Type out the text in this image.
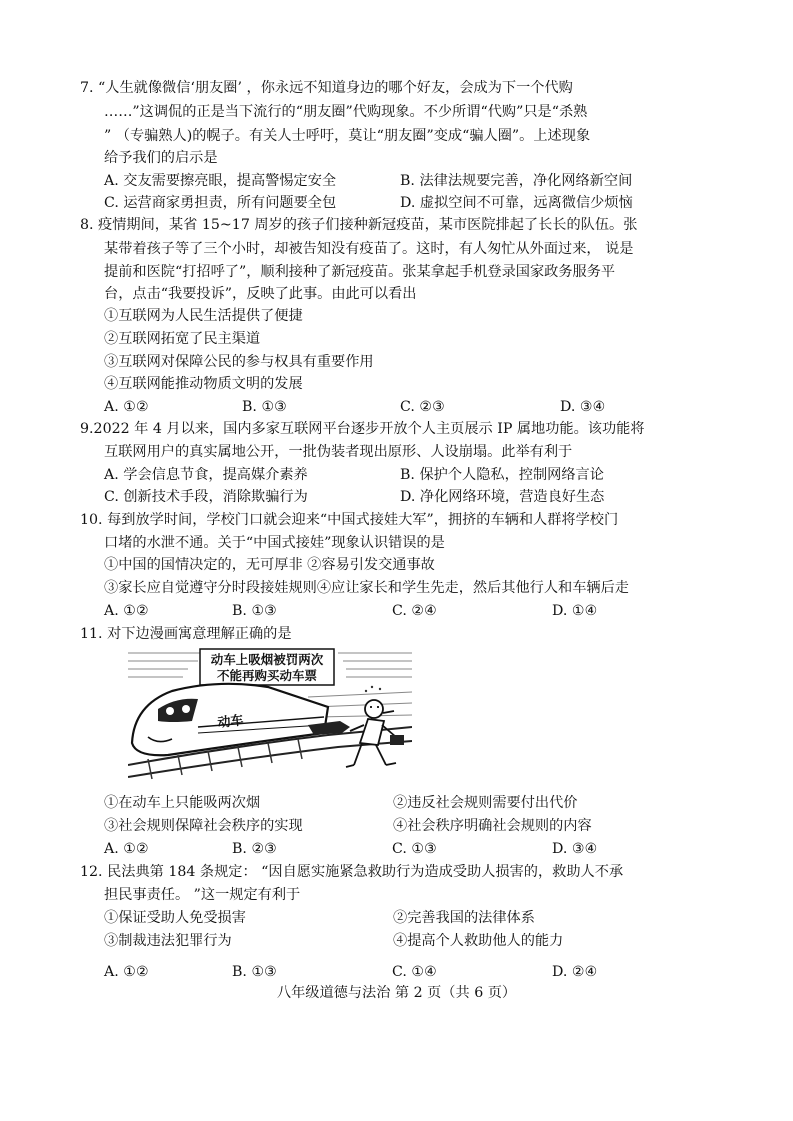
7. “人生就像微信‘朋友圈’ ，你永远不知道身边的哪个好友，会成为下一个代购
……”这调侃的正是当下流行的“朋友圈”代购现象。不少所谓“代购”只是“杀熟
” （专骗熟人)的幌子。有关人士呼吁，莫让“朋友圈”变成“骗人圈”。上述现象
给予我们的启示是
A. 交友需要擦亮眼，提高警惕定安全	B. 法律法规要完善，净化网络新空间
C. 运营商家勇担责，所有问题要全包	D. 虚拟空间不可靠，远离微信少烦恼
8. 疫情期间，某省 15~17 周岁的孩子们接种新冠疫苗，某市医院排起了长长的队伍。张
某带着孩子等了三个小时，却被告知没有疫苗了。这时，有人匆忙从外面过来， 说是
提前和医院“打招呼了”，顺利接种了新冠疫苗。张某拿起手机登录国家政务服务平
台，点击“我要投诉”，反映了此事。由此可以看出
①互联网为人民生活提供了便捷
②互联网拓宽了民主渠道
③互联网对保障公民的参与权具有重要作用
④互联网能推动物质文明的发展
A. ①②	B. ①③	C. ②③	D. ③④
9.2022 年 4 月以来，国内多家互联网平台逐步开放个人主页展示 IP 属地功能。该功能将
互联网用户的真实属地公开，一批伪装者现出原形、人设崩塌。此举有利于
A. 学会信息节食，提高媒介素养	B. 保护个人隐私，控制网络言论
C. 创新技术手段，消除欺骗行为	D. 净化网络环境，营造良好生态
10. 每到放学时间，学校门口就会迎来“中国式接娃大军”，拥挤的车辆和人群将学校门
口堵的水泄不通。关于“中国式接娃”现象认识错误的是
①中国的国情决定的，无可厚非 ②容易引发交通事故
③家长应自觉遵守分时段接娃规则④应让家长和学生先走，然后其他行人和车辆后走
A. ①②	B. ①③	C. ②④	D. ①④
11. 对下边漫画寓意理解正确的是
动车上吸烟被罚两次
不能再购买动车票
动车
①在动车上只能吸两次烟	②违反社会规则需要付出代价
③社会规则保障社会秩序的实现	④社会秩序明确社会规则的内容
A. ①②	B. ②③	C. ①③	D. ③④
12. 民法典第 184 条规定： “因自愿实施紧急救助行为造成受助人损害的，救助人不承
担民事责任。 ”这一规定有利于
①保证受助人免受损害	②完善我国的法律体系
③制裁违法犯罪行为	④提高个人救助他人的能力
A. ①②	B. ①③	C. ①④	D. ②④
八年级道德与法治 第 2 页（共 6 页）
